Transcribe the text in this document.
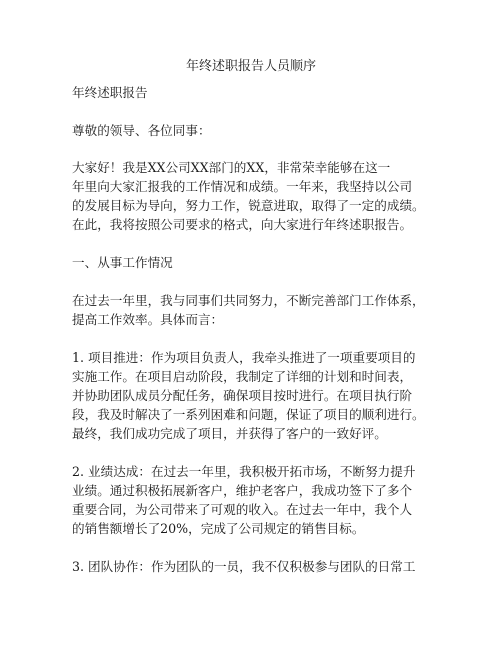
年终述职报告人员顺序
年终述职报告
尊敬的领导、各位同事：
大家好！我是XX公司XX部门的XX，非常荣幸能够在这一
年里向大家汇报我的工作情况和成绩。一年来，我坚持以公司
的发展目标为导向，努力工作，锐意进取，取得了一定的成绩。
在此，我将按照公司要求的格式，向大家进行年终述职报告。
一、从事工作情况
在过去一年里，我与同事们共同努力，不断完善部门工作体系，
提高工作效率。具体而言：
1. 项目推进：作为项目负责人，我牵头推进了一项重要项目的
实施工作。在项目启动阶段，我制定了详细的计划和时间表，
并协助团队成员分配任务，确保项目按时进行。在项目执行阶
段，我及时解决了一系列困难和问题，保证了项目的顺利进行。
最终，我们成功完成了项目，并获得了客户的一致好评。
2. 业绩达成：在过去一年里，我积极开拓市场，不断努力提升
业绩。通过积极拓展新客户，维护老客户，我成功签下了多个
重要合同，为公司带来了可观的收入。在过去一年中，我个人
的销售额增长了20%，完成了公司规定的销售目标。
3. 团队协作：作为团队的一员，我不仅积极参与团队的日常工
